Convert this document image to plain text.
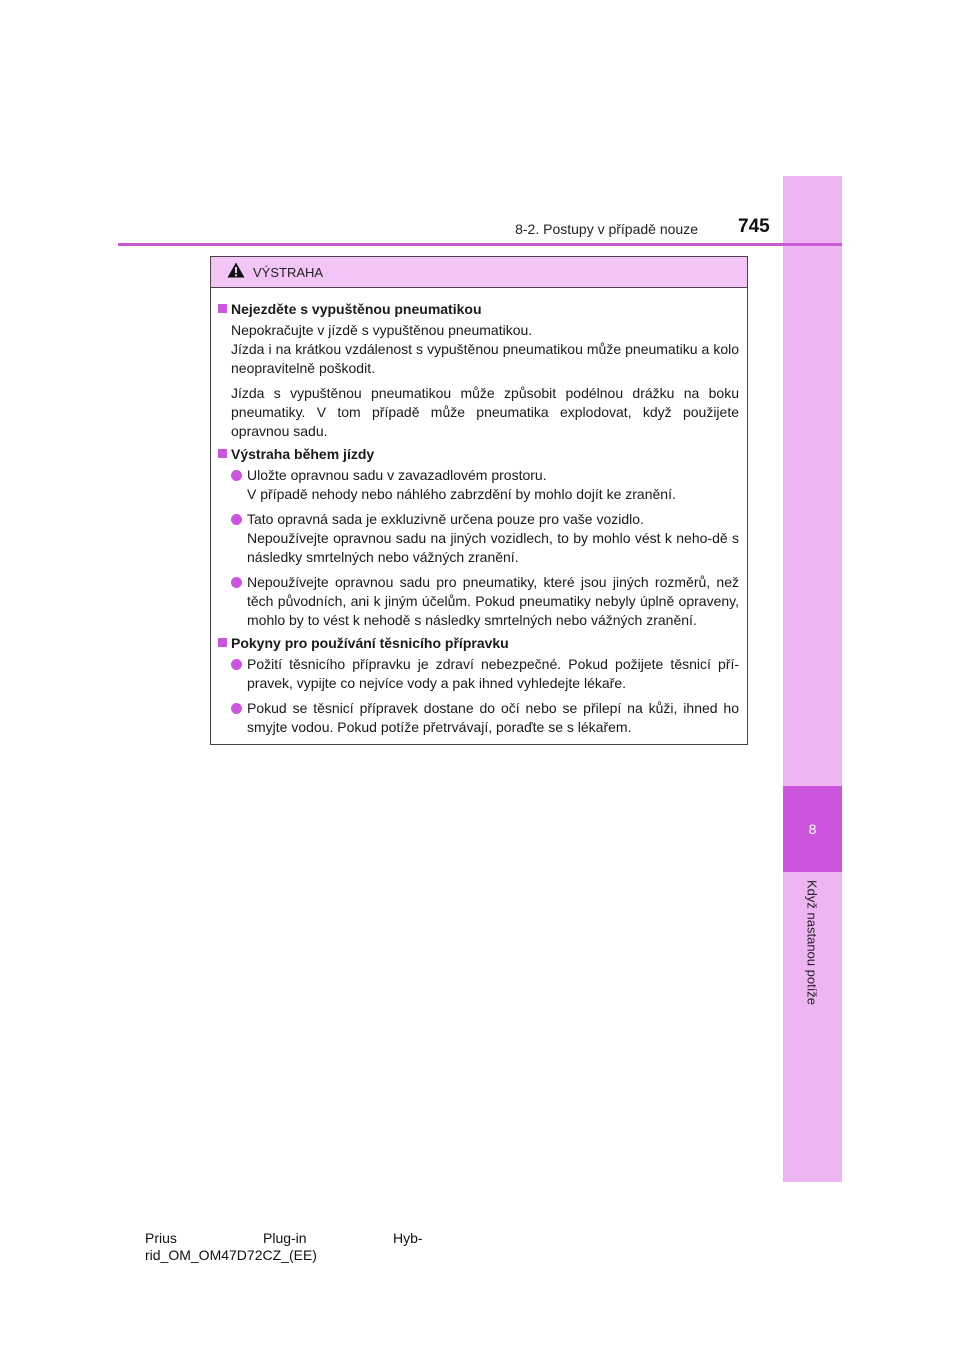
8
Když nastanou potíže
8-2. Postupy v případě nouze 745
VÝSTRAHA
Nejezděte s vypuštěnou pneumatikou

Nepokračujte v jízdě s vypuštěnou pneumatikou.

Jízda i na krátkou vzdálenost s vypuštěnou pneumatikou může pneumatiku a kolo neopravitelně poškodit.

Jízda s vypuštěnou pneumatikou může způsobit podélnou drážku na boku pneumatiky. V tom případě může pneumatika explodovat, když použijete opravnou sadu.

Výstraha během jízdy

Uložte opravnou sadu v zavazadlovém prostoru.

V případě nehody nebo náhlého zabrzdění by mohlo dojít ke zranění.

Tato opravná sada je exkluzivně určena pouze pro vaše vozidlo.

Nepoužívejte opravnou sadu na jiných vozidlech, to by mohlo vést k neho-dě s následky smrtelných nebo vážných zranění.

Nepoužívejte opravnou sadu pro pneumatiky, které jsou jiných rozměrů, než těch původních, ani k jiným účelům. Pokud pneumatiky nebyly úplně opraveny, mohlo by to vést k nehodě s následky smrtelných nebo vážných zranění.

Pokyny pro používání těsnicího přípravku

Požití těsnicího přípravku je zdraví nebezpečné. Pokud požijete těsnicí pří-pravek, vypijte co nejvíce vody a pak ihned vyhledejte lékaře.

Pokud se těsnicí přípravek dostane do očí nebo se přilepí na kůži, ihned ho smyjte vodou. Pokud potíže přetrvávají, poraďte se s lékařem.

Prius	Plug-in	Hyb-
rid_OM_OM47D72CZ_(EE)
